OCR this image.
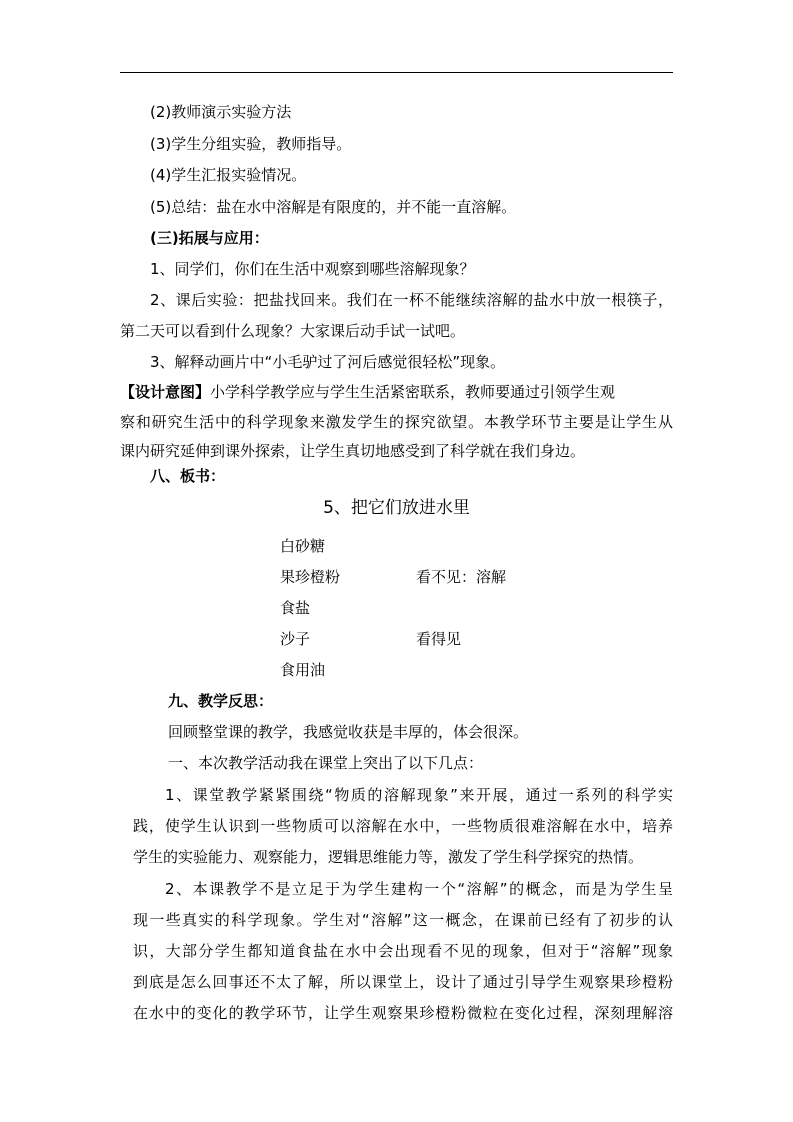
(2)教师演示实验方法
(3)学生分组实验，教师指导。
(4)学生汇报实验情况。
(5)总结：盐在水中溶解是有限度的，并不能一直溶解。
(三)拓展与应用：
1、同学们，你们在生活中观察到哪些溶解现象？
2、课后实验：把盐找回来。我们在一杯不能继续溶解的盐水中放一根筷子，
第二天可以看到什么现象？大家课后动手试一试吧。
3、解释动画片中“小毛驴过了河后感觉很轻松”现象。
【设计意图】小学科学教学应与学生生活紧密联系，教师要通过引领学生观
察和研究生活中的科学现象来激发学生的探究欲望。本教学环节主要是让学生从
课内研究延伸到课外探索，让学生真切地感受到了科学就在我们身边。
八、板书：
5、把它们放进水里
白砂糖
果珍橙粉	看不见：溶解
食盐
沙子	看得见
食用油
九、教学反思：
回顾整堂课的教学，我感觉收获是丰厚的，体会很深。
一、本次教学活动我在课堂上突出了以下几点：
1、课堂教学紧紧围绕“物质的溶解现象”来开展，通过一系列的科学实
践，使学生认识到一些物质可以溶解在水中，一些物质很难溶解在水中，培养
学生的实验能力、观察能力，逻辑思维能力等，激发了学生科学探究的热情。
2、本课教学不是立足于为学生建构一个“溶解”的概念，而是为学生呈
现一些真实的科学现象。学生对“溶解”这一概念，在课前已经有了初步的认
识，大部分学生都知道食盐在水中会出现看不见的现象，但对于“溶解”现象
到底是怎么回事还不太了解，所以课堂上，设计了通过引导学生观察果珍橙粉
在水中的变化的教学环节，让学生观察果珍橙粉微粒在变化过程，深刻理解溶
